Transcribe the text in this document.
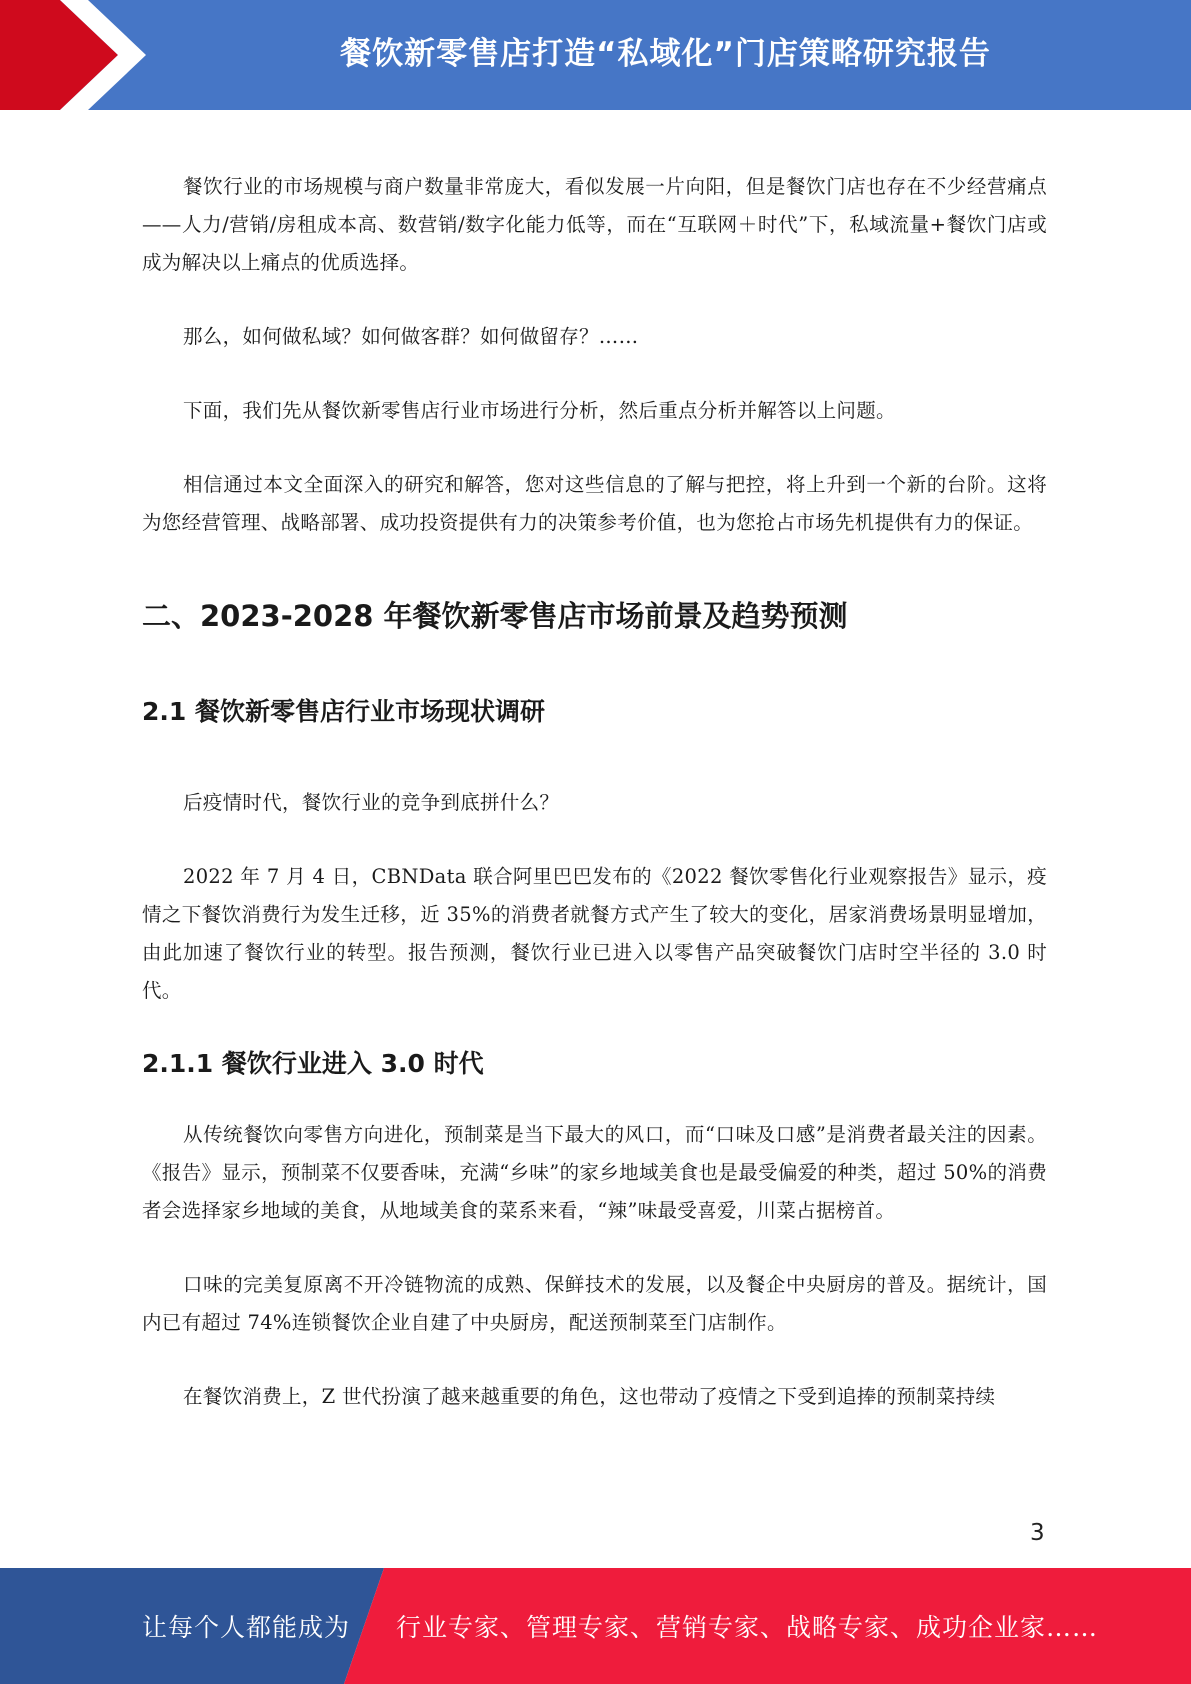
餐饮新零售店打造“私域化”门店策略研究报告

餐饮行业的市场规模与商户数量非常庞大，看似发展一片向阳，但是餐饮门店也存在不少经营痛点——人力/营销/房租成本高、数营销/数字化能力低等，而在“互联网＋时代”下，私域流量+餐饮门店或成为解决以上痛点的优质选择。

那么，如何做私域？如何做客群？如何做留存？……

下面，我们先从餐饮新零售店行业市场进行分析，然后重点分析并解答以上问题。

相信通过本文全面深入的研究和解答，您对这些信息的了解与把控，将上升到一个新的台阶。这将为您经营管理、战略部署、成功投资提供有力的决策参考价值，也为您抢占市场先机提供有力的保证。

二、2023-2028 年餐饮新零售店市场前景及趋势预测
2.1 餐饮新零售店行业市场现状调研

后疫情时代，餐饮行业的竞争到底拼什么？

2022 年 7 月 4 日，CBNData 联合阿里巴巴发布的《2022 餐饮零售化行业观察报告》显示，疫情之下餐饮消费行为发生迁移，近 35%的消费者就餐方式产生了较大的变化，居家消费场景明显增加，由此加速了餐饮行业的转型。报告预测，餐饮行业已进入以零售产品突破餐饮门店时空半径的 3.0 时代。

2.1.1 餐饮行业进入 3.0 时代

从传统餐饮向零售方向进化，预制菜是当下最大的风口，而“口味及口感”是消费者最关注的因素。《报告》显示，预制菜不仅要香味，充满“乡味”的家乡地域美食也是最受偏爱的种类，超过 50%的消费者会选择家乡地域的美食，从地域美食的菜系来看，“辣”味最受喜爱，川菜占据榜首。

口味的完美复原离不开冷链物流的成熟、保鲜技术的发展，以及餐企中央厨房的普及。据统计，国内已有超过 74%连锁餐饮企业自建了中央厨房，配送预制菜至门店制作。

在餐饮消费上，Z 世代扮演了越来越重要的角色，这也带动了疫情之下受到追捧的预制菜持续

3
让每个人都能成为 行业专家、管理专家、营销专家、战略专家、成功企业家……
